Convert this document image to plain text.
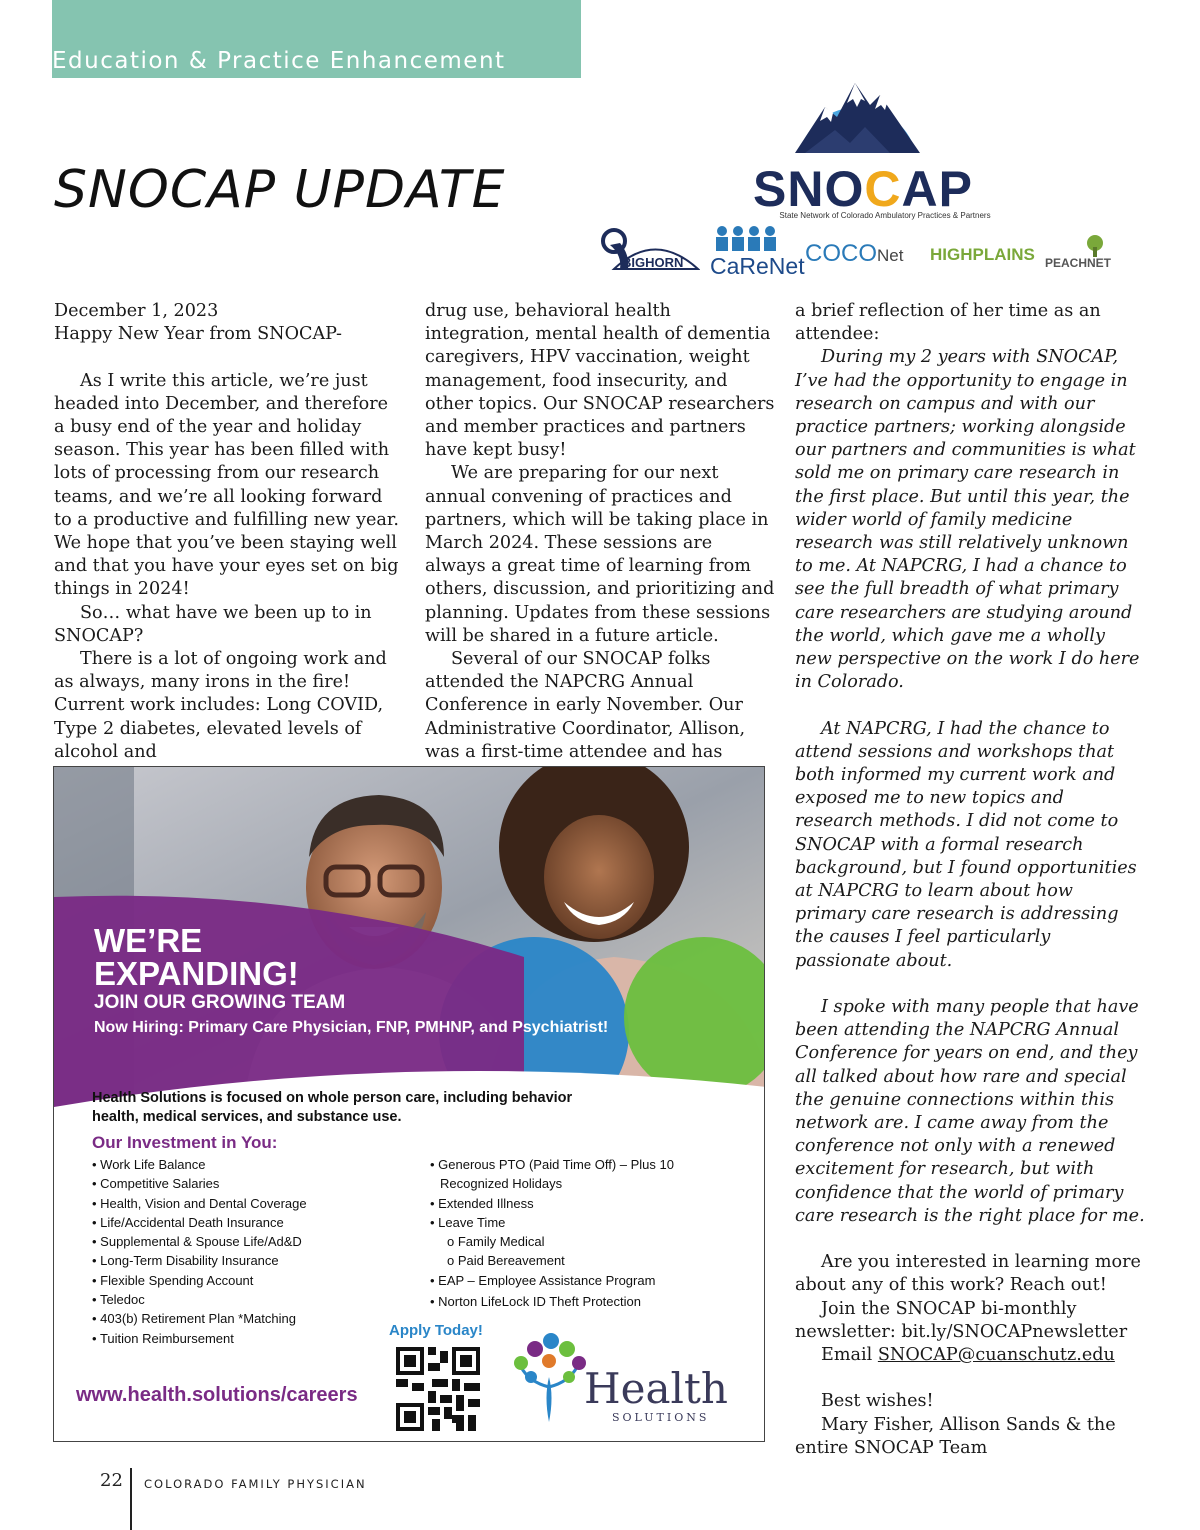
Education & Practice Enhancement
SNOCAP UPDATE	SNOCAP
State Network of Colorado Ambulatory Practices & Partners
BIGHORN CaReNet COCONet HIGHPLAINS PEACHNET

December 1, 2023

Happy New Year from SNOCAP-

As I write this article, we’re just headed into December, and therefore a busy end of the year and holiday season. This year has been filled with lots of processing from our research teams, and we’re all looking forward to a productive and fulfilling new year. We hope that you’ve been staying well and that you have your eyes set on big things in 2024!

So… what have we been up to in SNOCAP?

There is a lot of ongoing work and as always, many irons in the fire! Current work includes: Long COVID, Type 2 diabetes, elevated levels of alcohol and

drug use, behavioral health integration, mental health of dementia caregivers, HPV vaccination, weight management, food insecurity, and other topics. Our SNOCAP researchers and member practices and partners have kept busy!

We are preparing for our next annual convening of practices and partners, which will be taking place in March 2024. These sessions are always a great time of learning from others, discussion, and prioritizing and planning. Updates from these sessions will be shared in a future article.

Several of our SNOCAP folks attended the NAPCRG Annual Conference in early November. Our Administrative Coordinator, Allison, was a first-time attendee and has

a brief reflection of her time as an attendee:

During my 2 years with SNOCAP, I’ve had the opportunity to engage in research on campus and with our practice partners; working alongside our partners and communities is what sold me on primary care research in the first place. But until this year, the wider world of family medicine research was still relatively unknown to me. At NAPCRG, I had a chance to see the full breadth of what primary care researchers are studying around the world, which gave me a wholly new perspective on the work I do here in Colorado.

At NAPCRG, I had the chance to attend sessions and workshops that both informed my current work and exposed me to new topics and research methods. I did not come to SNOCAP with a formal research background, but I found opportunities at NAPCRG to learn about how primary care research is addressing the causes I feel particularly passionate about.

I spoke with many people that have been attending the NAPCRG Annual Conference for years on end, and they all talked about how rare and special the genuine connections within this network are. I came away from the conference not only with a renewed excitement for research, but with confidence that the world of primary care research is the right place for me.

Are you interested in learning more about any of this work? Reach out!

Join the SNOCAP bi-monthly newsletter: bit.ly/SNOCAPnewsletter

Email SNOCAP@cuanschutz.edu

Best wishes!

Mary Fisher, Allison Sands & the entire SNOCAP Team

WE’RE
EXPANDING!
JOIN OUR GROWING TEAM
Now Hiring: Primary Care Physician, FNP, PMHNP, and Psychiatrist!
Health Solutions is focused on whole person care, including behavior health, medical services, and substance use.
Our Investment in You:
• Work Life Balance
• Competitive Salaries
• Health, Vision and Dental Coverage
• Life/Accidental Death Insurance
• Supplemental & Spouse Life/Ad&D
• Long-Term Disability Insurance
• Flexible Spending Account
• Teledoc
• 403(b) Retirement Plan *Matching
• Tuition Reimbursement
• Generous PTO (Paid Time Off) – Plus 10
Recognized Holidays
• Extended Illness
• Leave Time
o Family Medical
o Paid Bereavement
• EAP – Employee Assistance Program
• Norton LifeLock ID Theft Protection
Apply Today!
www.health.solutions/careers	Health
SOLUTIONS
22 COLORADO FAMILY PHYSICIAN
